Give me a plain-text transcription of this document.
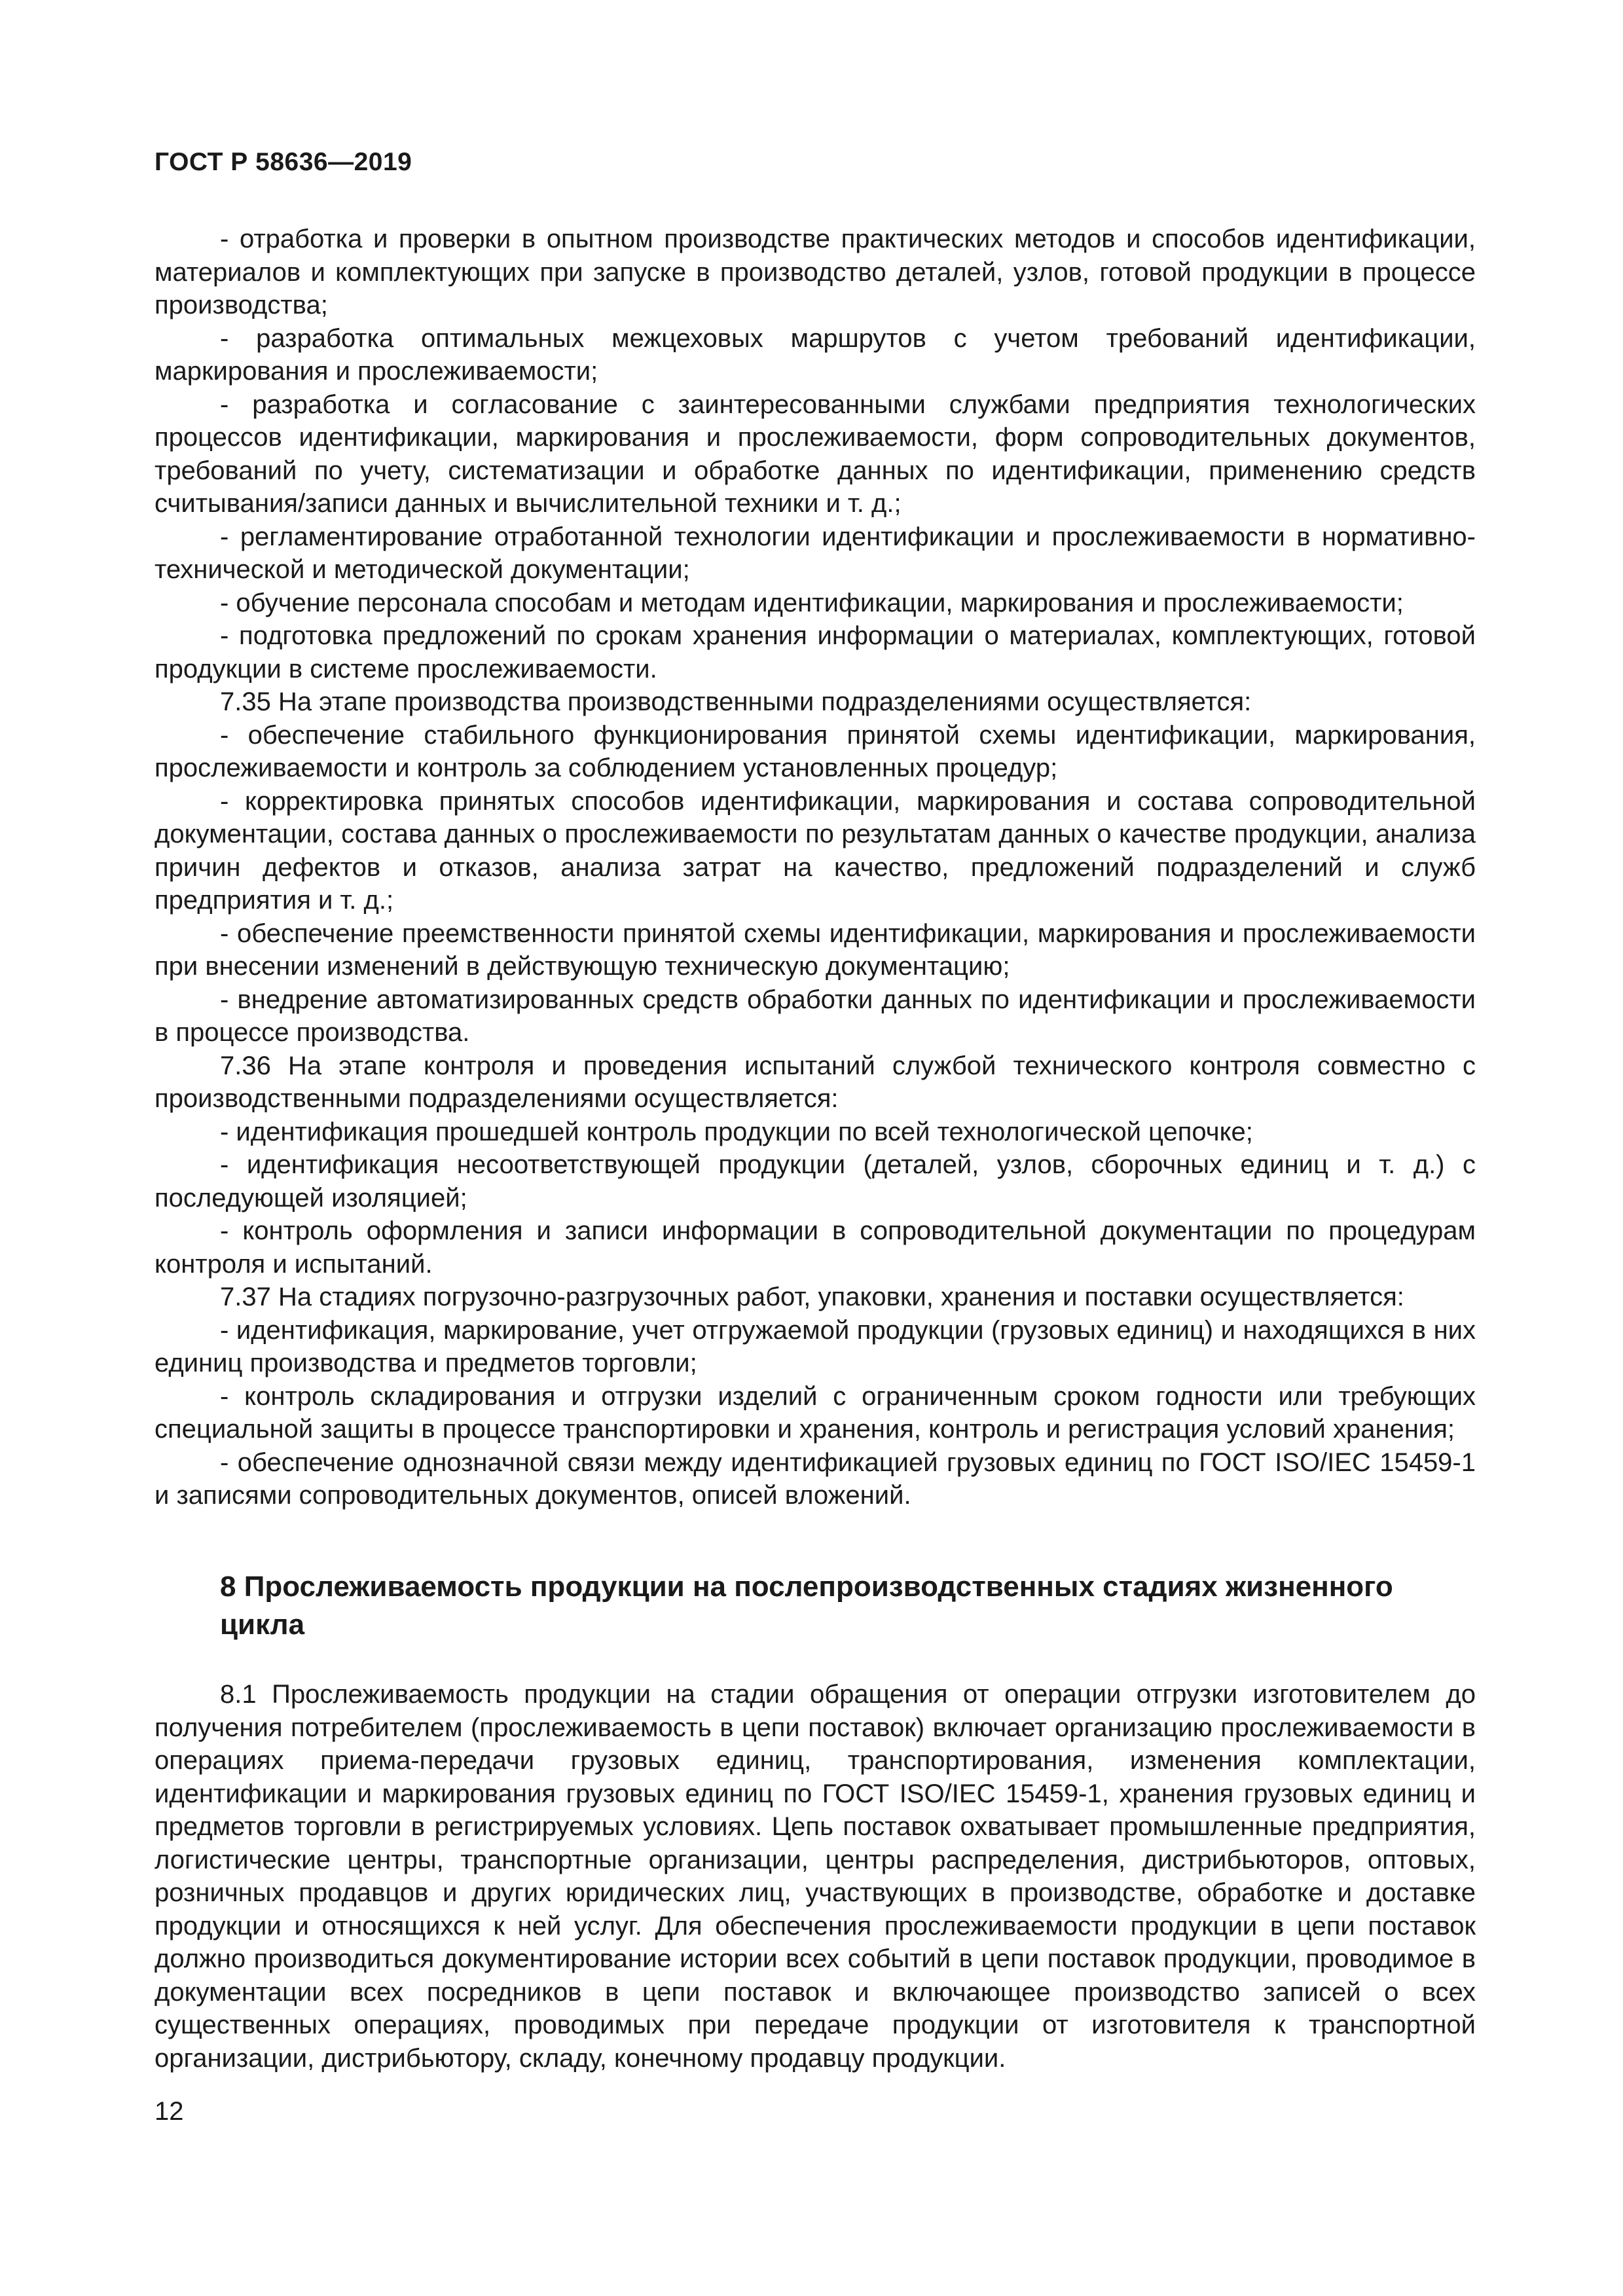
ГОСТ Р 58636—2019

- отработка и проверки в опытном производстве практических методов и способов идентификации, материалов и комплектующих при запуске в производство деталей, узлов, готовой продукции в процессе производства;

- разработка оптимальных межцеховых маршрутов с учетом требований идентификации, маркирования и прослеживаемости;

- разработка и согласование с заинтересованными службами предприятия технологических процессов идентификации, маркирования и прослеживаемости, форм сопроводительных документов, требований по учету, систематизации и обработке данных по идентификации, применению средств считывания/записи данных и вычислительной техники и т. д.;

- регламентирование отработанной технологии идентификации и прослеживаемости в нормативно-технической и методической документации;

- обучение персонала способам и методам идентификации, маркирования и прослеживаемости;

- подготовка предложений по срокам хранения информации о материалах, комплектующих, готовой продукции в системе прослеживаемости.

7.35 На этапе производства производственными подразделениями осуществляется:

- обеспечение стабильного функционирования принятой схемы идентификации, маркирования, прослеживаемости и контроль за соблюдением установленных процедур;

- корректировка принятых способов идентификации, маркирования и состава сопроводительной документации, состава данных о прослеживаемости по результатам данных о качестве продукции, анализа причин дефектов и отказов, анализа затрат на качество, предложений подразделений и служб предприятия и т. д.;

- обеспечение преемственности принятой схемы идентификации, маркирования и прослеживаемости при внесении изменений в действующую техническую документацию;

- внедрение автоматизированных средств обработки данных по идентификации и прослеживаемости в процессе производства.

7.36 На этапе контроля и проведения испытаний службой технического контроля совместно с производственными подразделениями осуществляется:

- идентификация прошедшей контроль продукции по всей технологической цепочке;

- идентификация несоответствующей продукции (деталей, узлов, сборочных единиц и т. д.) с последующей изоляцией;

- контроль оформления и записи информации в сопроводительной документации по процедурам контроля и испытаний.

7.37 На стадиях погрузочно-разгрузочных работ, упаковки, хранения и поставки осуществляется:

- идентификация, маркирование, учет отгружаемой продукции (грузовых единиц) и находящихся в них единиц производства и предметов торговли;

- контроль складирования и отгрузки изделий с ограниченным сроком годности или требующих специальной защиты в процессе транспортировки и хранения, контроль и регистрация условий хранения;

- обеспечение однозначной связи между идентификацией грузовых единиц по ГОСТ ISO/IEC 15459-1 и записями сопроводительных документов, описей вложений.

8 Прослеживаемость продукции на послепроизводственных стадиях жизненного цикла

8.1 Прослеживаемость продукции на стадии обращения от операции отгрузки изготовителем до получения потребителем (прослеживаемость в цепи поставок) включает организацию прослеживаемости в операциях приема-передачи грузовых единиц, транспортирования, изменения комплектации, идентификации и маркирования грузовых единиц по ГОСТ ISO/IEC 15459-1, хранения грузовых единиц и предметов торговли в регистрируемых условиях. Цепь поставок охватывает промышленные предприятия, логистические центры, транспортные организации, центры распределения, дистрибьюторов, оптовых, розничных продавцов и других юридических лиц, участвующих в производстве, обработке и доставке продукции и относящихся к ней услуг. Для обеспечения прослеживаемости продукции в цепи поставок должно производиться документирование истории всех событий в цепи поставок продукции, проводимое в документации всех посредников в цепи поставок и включающее производство записей о всех существенных операциях, проводимых при передаче продукции от изготовителя к транспортной организации, дистрибьютору, складу, конечному продавцу продукции.

12
